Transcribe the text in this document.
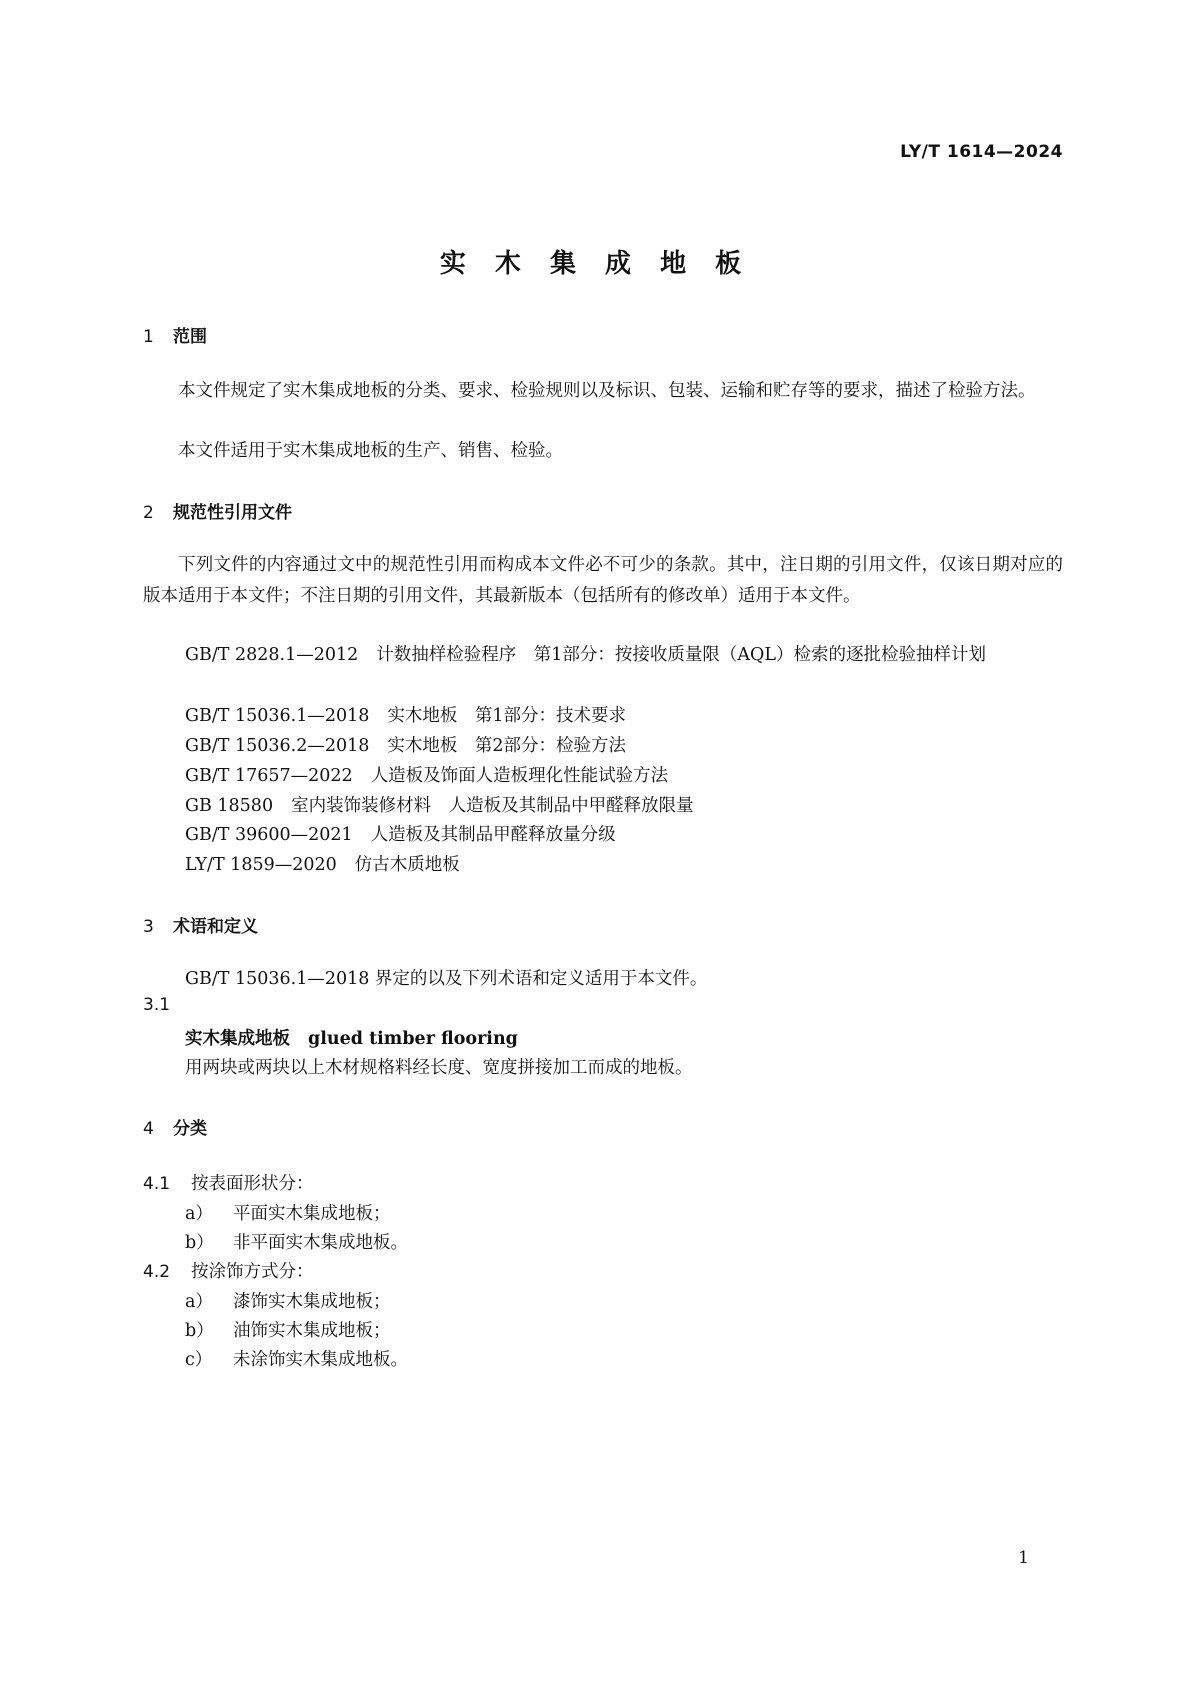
LY/T 1614—2024
实 木 集 成 地 板
1 范围
本文件规定了实木集成地板的分类、要求、检验规则以及标识、包装、运输和贮存等的要求，描述了检验方法。
本文件适用于实木集成地板的生产、销售、检验。
2 规范性引用文件
下列文件的内容通过文中的规范性引用而构成本文件必不可少的条款。其中，注日期的引用文件，仅该日期对应的版本适用于本文件；不注日期的引用文件，其最新版本（包括所有的修改单）适用于本文件。
GB/T 2828.1—2012 计数抽样检验程序　第1部分：按接收质量限（AQL）检索的逐批检验抽样计划
GB/T 15036.1—2018 实木地板　第1部分：技术要求
GB/T 15036.2—2018 实木地板　第2部分：检验方法
GB/T 17657—2022 人造板及饰面人造板理化性能试验方法
GB 18580 室内装饰装修材料　人造板及其制品中甲醛释放限量
GB/T 39600—2021 人造板及其制品甲醛释放量分级
LY/T 1859—2020 仿古木质地板
3 术语和定义
GB/T 15036.1—2018 界定的以及下列术语和定义适用于本文件。
3.1
实木集成地板 glued timber flooring
用两块或两块以上木材规格料经长度、宽度拼接加工而成的地板。
4 分类
4.1 按表面形状分：
a） 平面实木集成地板；
b） 非平面实木集成地板。
4.2 按涂饰方式分：
a） 漆饰实木集成地板；
b） 油饰实木集成地板；
c） 未涂饰实木集成地板。
1
